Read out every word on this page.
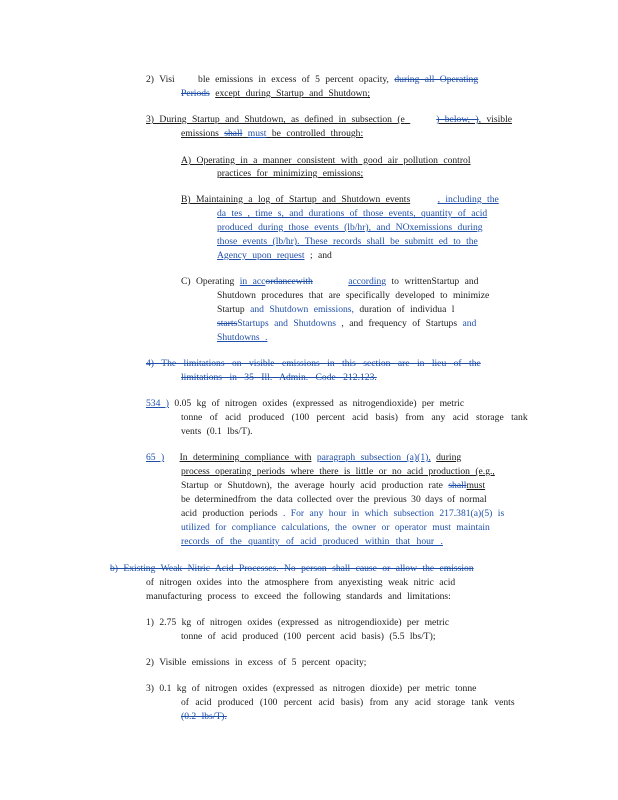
2) Visi ble emissions in excess of 5 percent opacity, during all Operating
Periods except during Startup and Shutdown;
3) During Startup and Shutdown, as defined in subsection (e	) below, ), visible
emissions shall must be controlled through:
A) Operating in a manner consistent with good air pollution control
practices for minimizing emissions;
B) Maintaining a log of Startup and Shutdown events	, including the
da tes , time s, and durations of those events, quantity of acid
produced during those events (lb/hr), and NOxemissions during
those events (lb/hr). These records shall be submitt ed to the
Agency upon request ; and
C) Operating in accordancewith	according to writtenStartup and
Shutdown procedures that are specifically developed to minimize
Startup and Shutdown emissions, duration of individua l
startsStartups and Shutdowns , and frequency of Startups and
Shutdowns .
4) The limitations on visible emissions in this section are in lieu of the
limitations in 35 Ill. Admin. Code 212.123.
534 ) 0.05 kg of nitrogen oxides (expressed as nitrogendioxide) per metric
tonne of acid produced (100 percent acid basis) from any acid storage tank
vents (0.1 lbs/T).
65 ) In determining compliance with paragraph subsection (a)(1), during
process operating periods where there is little or no acid production (e.g.,
Startup or Shutdown), the average hourly acid production rate shallmust
be determinedfrom the data collected over the previous 30 days of normal
acid production periods . For any hour in which subsection 217.381(a)(5) is
utilized for compliance calculations, the owner or operator must maintain
records of the quantity of acid produced within that hour .
b) Existing Weak Nitric Acid Processes. No person shall cause or allow the emission
of nitrogen oxides into the atmosphere from anyexisting weak nitric acid
manufacturing process to exceed the following standards and limitations:
1) 2.75 kg of nitrogen oxides (expressed as nitrogendioxide) per metric
tonne of acid produced (100 percent acid basis) (5.5 lbs/T);
2) Visible emissions in excess of 5 percent opacity;
3) 0.1 kg of nitrogen oxides (expressed as nitrogen dioxide) per metric tonne
of acid produced (100 percent acid basis) from any acid storage tank vents
(0.2 lbs/T).
